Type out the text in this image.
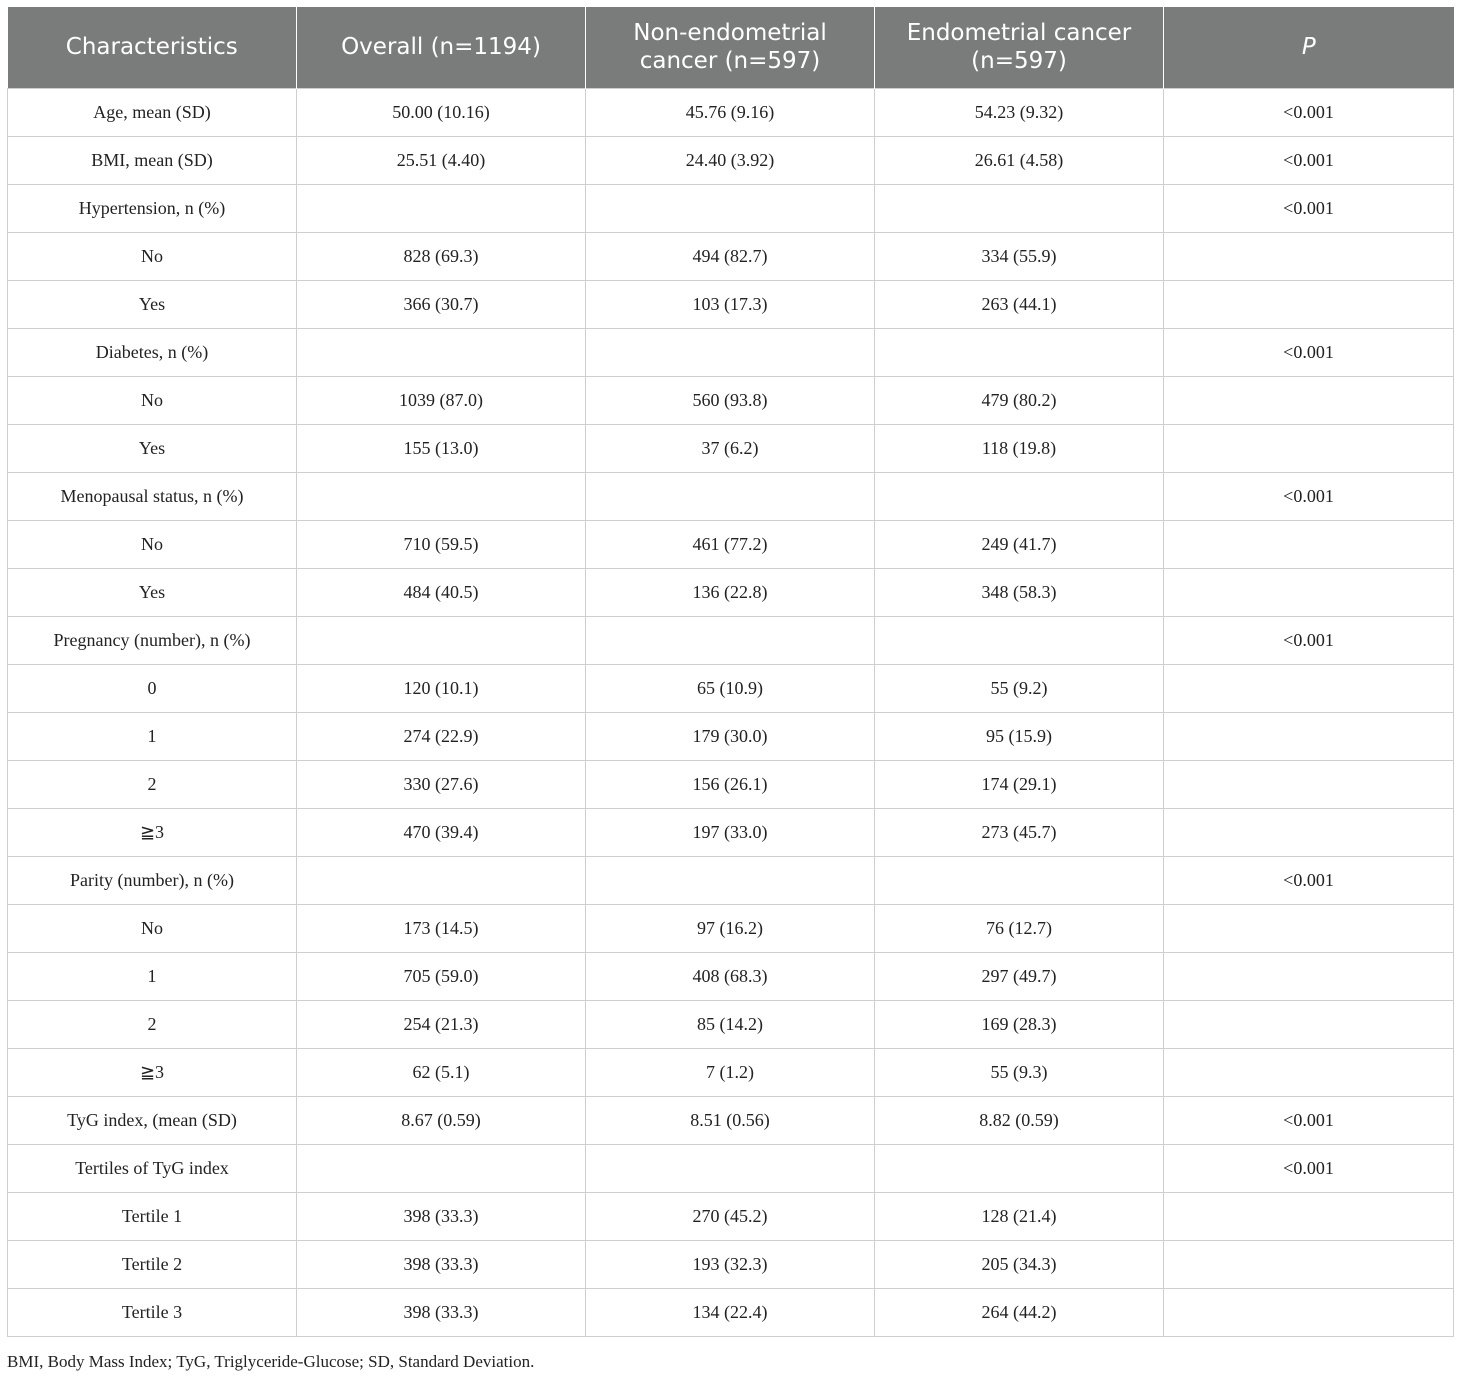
Characteristics	Overall (n=1194)	Non-endometrial cancer (n=597)	Endometrial cancer (n=597)	P
Age, mean (SD)	50.00 (10.16)	45.76 (9.16)	54.23 (9.32)	<0.001
BMI, mean (SD)	25.51 (4.40)	24.40 (3.92)	26.61 (4.58)	<0.001
Hypertension, n (%)				<0.001
No	828 (69.3)	494 (82.7)	334 (55.9)	
Yes	366 (30.7)	103 (17.3)	263 (44.1)	
Diabetes, n (%)				<0.001
No	1039 (87.0)	560 (93.8)	479 (80.2)	
Yes	155 (13.0)	37 (6.2)	118 (19.8)	
Menopausal status, n (%)				<0.001
No	710 (59.5)	461 (77.2)	249 (41.7)	
Yes	484 (40.5)	136 (22.8)	348 (58.3)	
Pregnancy (number), n (%)				<0.001
0	120 (10.1)	65 (10.9)	55 (9.2)	
1	274 (22.9)	179 (30.0)	95 (15.9)	
2	330 (27.6)	156 (26.1)	174 (29.1)	
≧3	470 (39.4)	197 (33.0)	273 (45.7)	
Parity (number), n (%)				<0.001
No	173 (14.5)	97 (16.2)	76 (12.7)	
1	705 (59.0)	408 (68.3)	297 (49.7)	
2	254 (21.3)	85 (14.2)	169 (28.3)	
≧3	62 (5.1)	7 (1.2)	55 (9.3)	
TyG index, (mean (SD)	8.67 (0.59)	8.51 (0.56)	8.82 (0.59)	<0.001
Tertiles of TyG index				<0.001
Tertile 1	398 (33.3)	270 (45.2)	128 (21.4)	
Tertile 2	398 (33.3)	193 (32.3)	205 (34.3)	
Tertile 3	398 (33.3)	134 (22.4)	264 (44.2)	
BMI, Body Mass Index; TyG, Triglyceride-Glucose; SD, Standard Deviation.
